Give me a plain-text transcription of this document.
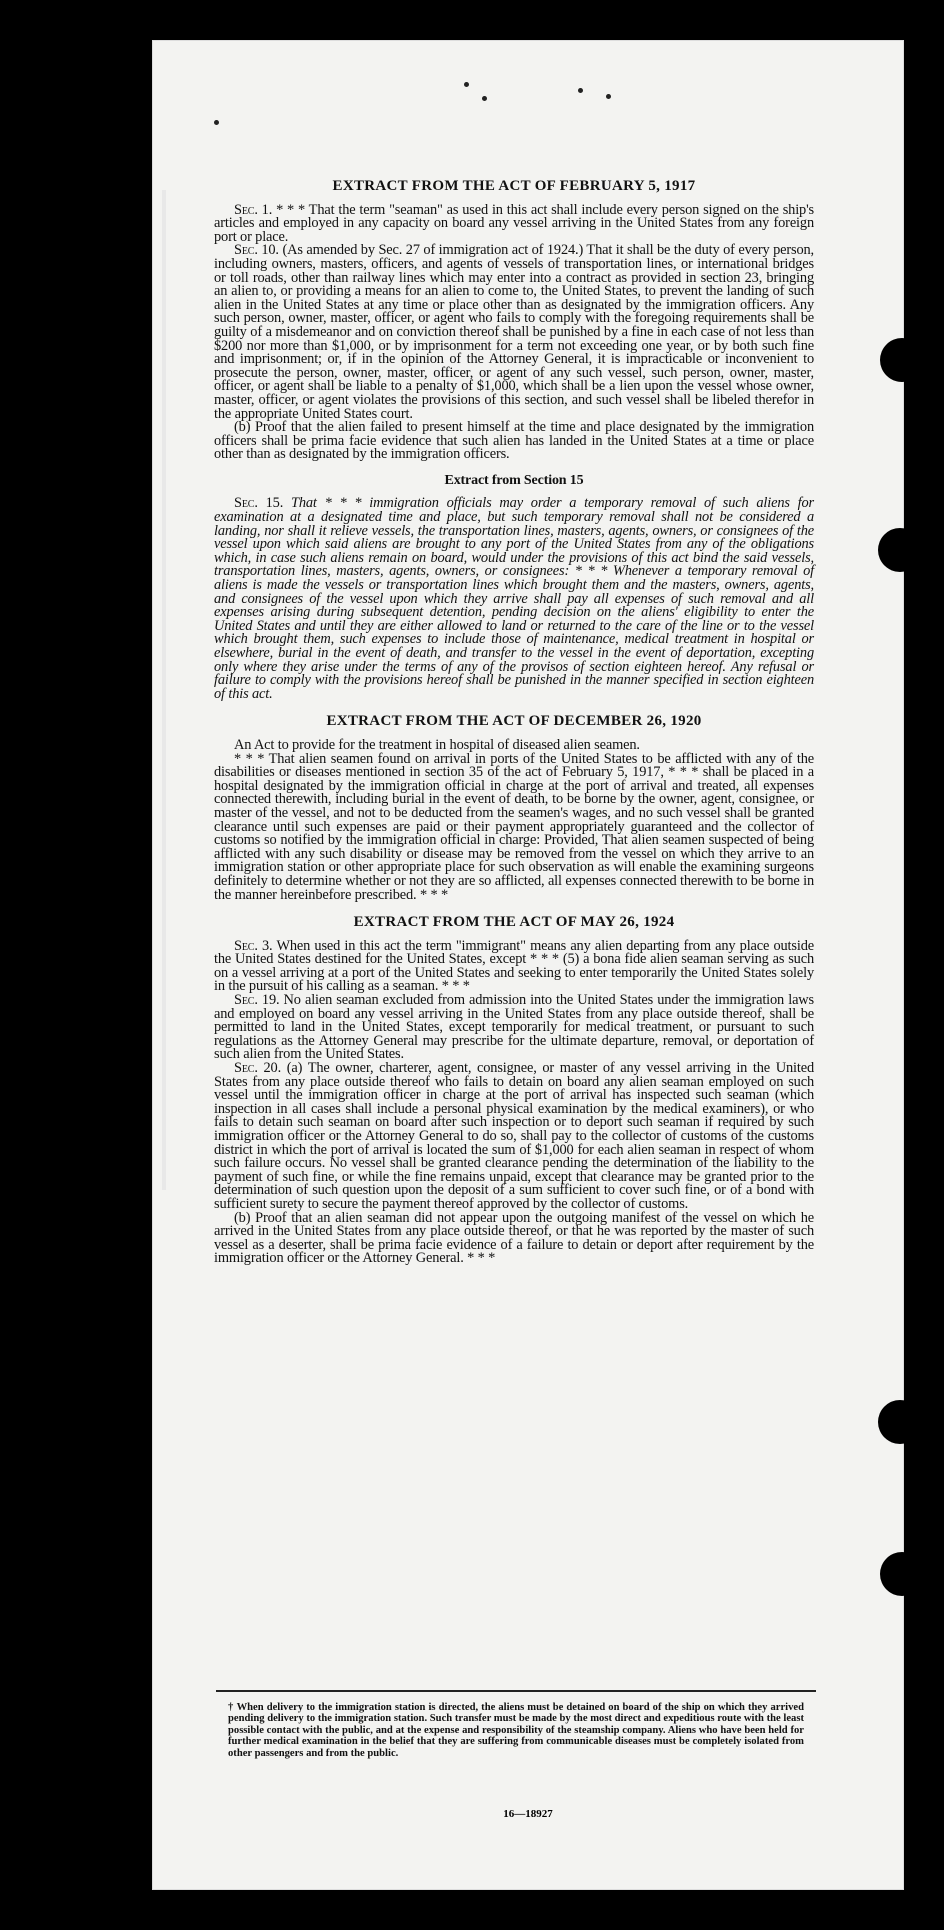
EXTRACT FROM THE ACT OF FEBRUARY 5, 1917

Sec. 1. * * * That the term "seaman" as used in this act shall include every person signed on the ship's articles and employed in any capacity on board any vessel arriving in the United States from any foreign port or place.

Sec. 10. (As amended by Sec. 27 of immigration act of 1924.) That it shall be the duty of every person, including owners, masters, officers, and agents of vessels of transportation lines, or international bridges or toll roads, other than railway lines which may enter into a contract as provided in section 23, bringing an alien to, or providing a means for an alien to come to, the United States, to prevent the landing of such alien in the United States at any time or place other than as designated by the immigration officers. Any such person, owner, master, officer, or agent who fails to comply with the foregoing requirements shall be guilty of a misdemeanor and on conviction thereof shall be punished by a fine in each case of not less than $200 nor more than $1,000, or by imprisonment for a term not exceeding one year, or by both such fine and imprisonment; or, if in the opinion of the Attorney General, it is impracticable or inconvenient to prosecute the person, owner, master, officer, or agent of any such vessel, such person, owner, master, officer, or agent shall be liable to a penalty of $1,000, which shall be a lien upon the vessel whose owner, master, officer, or agent violates the provisions of this section, and such vessel shall be libeled therefor in the appropriate United States court.

(b) Proof that the alien failed to present himself at the time and place designated by the immigration officers shall be prima facie evidence that such alien has landed in the United States at a time or place other than as designated by the immigration officers.

Extract from Section 15

Sec. 15. That * * * immigration officials may order a temporary removal of such aliens for examination at a designated time and place, but such temporary removal shall not be considered a landing, nor shall it relieve vessels, the transportation lines, masters, agents, owners, or consignees of the vessel upon which said aliens are brought to any port of the United States from any of the obligations which, in case such aliens remain on board, would under the provisions of this act bind the said vessels, transportation lines, masters, agents, owners, or consignees: * * * Whenever a temporary removal of aliens is made the vessels or transportation lines which brought them and the masters, owners, agents, and consignees of the vessel upon which they arrive shall pay all expenses of such removal and all expenses arising during subsequent detention, pending decision on the aliens' eligibility to enter the United States and until they are either allowed to land or returned to the care of the line or to the vessel which brought them, such expenses to include those of maintenance, medical treatment in hospital or elsewhere, burial in the event of death, and transfer to the vessel in the event of deportation, excepting only where they arise under the terms of any of the provisos of section eighteen hereof. Any refusal or failure to comply with the provisions hereof shall be punished in the manner specified in section eighteen of this act.

EXTRACT FROM THE ACT OF DECEMBER 26, 1920

An Act to provide for the treatment in hospital of diseased alien seamen.

* * * That alien seamen found on arrival in ports of the United States to be afflicted with any of the disabilities or diseases mentioned in section 35 of the act of February 5, 1917, * * * shall be placed in a hospital designated by the immigration official in charge at the port of arrival and treated, all expenses connected therewith, including burial in the event of death, to be borne by the owner, agent, consignee, or master of the vessel, and not to be deducted from the seamen's wages, and no such vessel shall be granted clearance until such expenses are paid or their payment appropriately guaranteed and the collector of customs so notified by the immigration official in charge: Provided, That alien seamen suspected of being afflicted with any such disability or disease may be removed from the vessel on which they arrive to an immigration station or other appropriate place for such observation as will enable the examining surgeons definitely to determine whether or not they are so afflicted, all expenses connected therewith to be borne in the manner hereinbefore prescribed. * * *

EXTRACT FROM THE ACT OF MAY 26, 1924

Sec. 3. When used in this act the term "immigrant" means any alien departing from any place outside the United States destined for the United States, except * * * (5) a bona fide alien seaman serving as such on a vessel arriving at a port of the United States and seeking to enter temporarily the United States solely in the pursuit of his calling as a seaman. * * *

Sec. 19. No alien seaman excluded from admission into the United States under the immigration laws and employed on board any vessel arriving in the United States from any place outside thereof, shall be permitted to land in the United States, except temporarily for medical treatment, or pursuant to such regulations as the Attorney General may prescribe for the ultimate departure, removal, or deportation of such alien from the United States.

Sec. 20. (a) The owner, charterer, agent, consignee, or master of any vessel arriving in the United States from any place outside thereof who fails to detain on board any alien seaman employed on such vessel until the immigration officer in charge at the port of arrival has inspected such seaman (which inspection in all cases shall include a personal physical examination by the medical examiners), or who fails to detain such seaman on board after such inspection or to deport such seaman if required by such immigration officer or the Attorney General to do so, shall pay to the collector of customs of the customs district in which the port of arrival is located the sum of $1,000 for each alien seaman in respect of whom such failure occurs. No vessel shall be granted clearance pending the determination of the liability to the payment of such fine, or while the fine remains unpaid, except that clearance may be granted prior to the determination of such question upon the deposit of a sum sufficient to cover such fine, or of a bond with sufficient surety to secure the payment thereof approved by the collector of customs.

(b) Proof that an alien seaman did not appear upon the outgoing manifest of the vessel on which he arrived in the United States from any place outside thereof, or that he was reported by the master of such vessel as a deserter, shall be prima facie evidence of a failure to detain or deport after requirement by the immigration officer or the Attorney General. * * *

† When delivery to the immigration station is directed, the aliens must be detained on board of the ship on which they arrived pending delivery to the immigration station. Such transfer must be made by the most direct and expeditious route with the least possible contact with the public, and at the expense and responsibility of the steamship company. Aliens who have been held for further medical examination in the belief that they are suffering from communicable diseases must be completely isolated from other passengers and from the public.
16—18927
